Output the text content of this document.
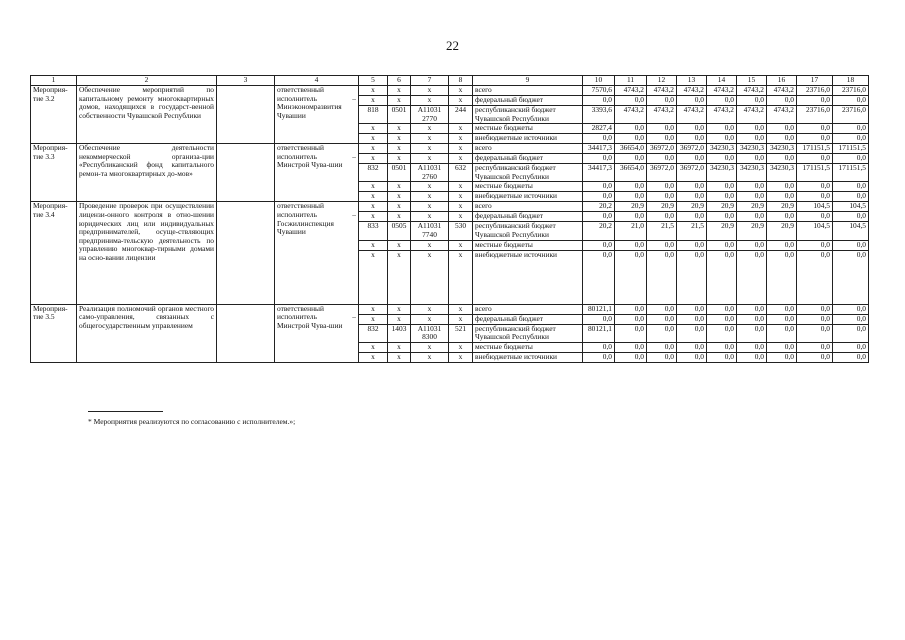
22
1	2	3	4	5	6	7	8	9	10	11	12	13	14	15	16	17	18
Мероприя-
тие 3.2	Обеспечение мероприятий по капитальному ремонту многоквартирных домов, находящихся в государст-венной собственности Чувашской Республики		ответственный исполнитель – Минэкономразвития Чувашии	x	x	x	x	всего	7570,6	4743,2	4743,2	4743,2	4743,2	4743,2	4743,2	23716,0	23716,0
				x	x	x	x	федеральный бюджет	0,0	0,0	0,0	0,0	0,0	0,0	0,0	0,0	0,0
				818	0501	А11031 2770	244	республиканский бюджет Чувашской Республики	3393,6	4743,2	4743,2	4743,2	4743,2	4743,2	4743,2	23716,0	23716,0
				x	x	x	x	местные бюджеты	2827,4	0,0	0,0	0,0	0,0	0,0	0,0	0,0	0,0
				x	x	x	x	внебюджетные источники	0,0	0,0	0,0	0,0	0,0	0,0	0,0	0,0	0,0
Мероприя-
тие 3.3	Обеспечение деятельности некоммерческой организа-ции «Республиканский фонд капитального ремон-та многоквартирных до-мов»		ответственный исполнитель – Минстрой Чува-шии	x	x	x	x	всего	34417,3	36654,0	36972,0	36972,0	34230,3	34230,3	34230,3	171151,5	171151,5
				x	x	x	x	федеральный бюджет	0,0	0,0	0,0	0,0	0,0	0,0	0,0	0,0	0,0
				832	0501	А11031 2760	632	республиканский бюджет Чувашской Республики	34417,3	36654,0	36972,0	36972,0	34230,3	34230,3	34230,3	171151,5	171151,5
				x	x	x	x	местные бюджеты	0,0	0,0	0,0	0,0	0,0	0,0	0,0	0,0	0,0
				x	x	x	x	внебюджетные источники	0,0	0,0	0,0	0,0	0,0	0,0	0,0	0,0	0,0
Мероприя-
тие 3.4	Проведение проверок при осуществлении лицензи-онного контроля в отно-шении юридических лиц или индивидуальных предпринимателей, осуще-ствляющих предпринима-тельскую деятельность по управлению многоквар-тирными домами на осно-вании лицензии		ответственный исполнитель – Госжилинспекция Чувашии	x	x	x	x	всего	20,2	20,9	20,9	20,9	20,9	20,9	20,9	104,5	104,5
				x	x	x	x	федеральный бюджет	0,0	0,0	0,0	0,0	0,0	0,0	0,0	0,0	0,0
				833	0505	А11031 7740	530	республиканский бюджет Чувашской Республики	20,2	21,0	21,5	21,5	20,9	20,9	20,9	104,5	104,5
				x	x	x	x	местные бюджеты	0,0	0,0	0,0	0,0	0,0	0,0	0,0	0,0	0,0
				x	x	x	x	внебюджетные источники	0,0	0,0	0,0	0,0	0,0	0,0	0,0	0,0	0,0
Мероприя-
тие 3.5	Реализация полномочий органов местного само-управления, связанных с общегосударственным управлением		ответственный исполнитель – Минстрой Чува-шии	x	x	x	x	всего	80121,1	0,0	0,0	0,0	0,0	0,0	0,0	0,0	0,0
				x	x	x	x	федеральный бюджет	0,0	0,0	0,0	0,0	0,0	0,0	0,0	0,0	0,0
				832	1403	А11031 8300	521	республиканский бюджет Чувашской Республики	80121,1	0,0	0,0	0,0	0,0	0,0	0,0	0,0	0,0
				x	x	x	x	местные бюджеты	0,0	0,0	0,0	0,0	0,0	0,0	0,0	0,0	0,0
				x	x	x	x	внебюджетные источники	0,0	0,0	0,0	0,0	0,0	0,0	0,0	0,0	0,0
* Мероприятия реализуются по согласованию с исполнителем.»;
